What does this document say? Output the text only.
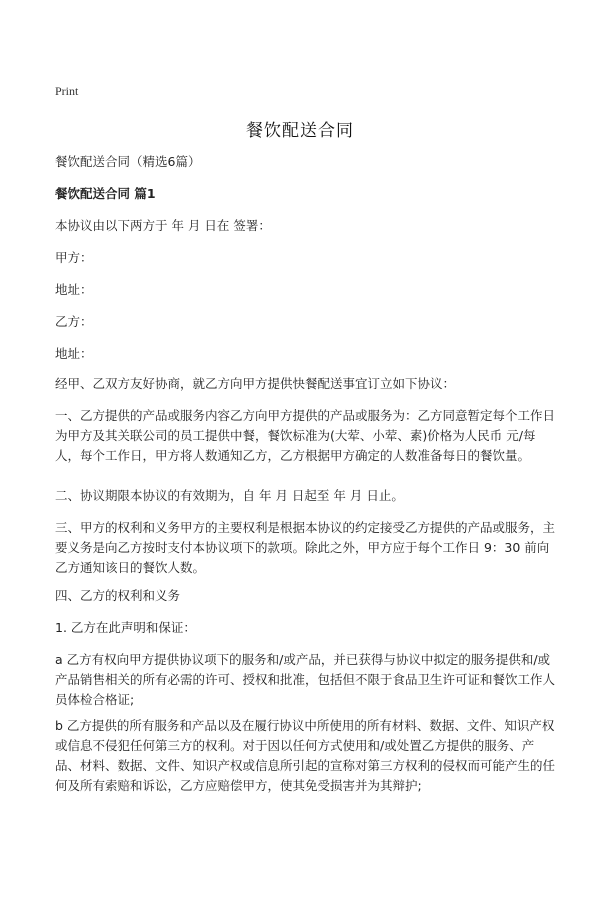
Print
餐饮配送合同
餐饮配送合同（精选6篇）
餐饮配送合同 篇1
本协议由以下两方于 年 月 日在 签署：
甲方：
地址：
乙方：
地址：
经甲、乙双方友好协商，就乙方向甲方提供快餐配送事宜订立如下协议：
一、乙方提供的产品或服务内容乙方向甲方提供的产品或服务为：乙方同意暂定每个工作日为甲方及其关联公司的员工提供中餐，餐饮标准为(大荤、小荤、素)价格为人民币 元/每人，每个工作日，甲方将人数通知乙方，乙方根据甲方确定的人数准备每日的餐饮量。
二、协议期限本协议的有效期为，自 年 月 日起至 年 月 日止。
三、甲方的权利和义务甲方的主要权利是根据本协议的约定接受乙方提供的产品或服务，主要义务是向乙方按时支付本协议项下的款项。除此之外，甲方应于每个工作日 9：30 前向乙方通知该日的餐饮人数。
四、乙方的权利和义务
1. 乙方在此声明和保证：
a 乙方有权向甲方提供协议项下的服务和/或产品，并已获得与协议中拟定的服务提供和/或产品销售相关的所有必需的许可、授权和批准，包括但不限于食品卫生许可证和餐饮工作人员体检合格证;
b 乙方提供的所有服务和产品以及在履行协议中所使用的所有材料、数据、文件、知识产权或信息不侵犯任何第三方的权利。对于因以任何方式使用和/或处置乙方提供的服务、产品、材料、数据、文件、知识产权或信息所引起的宣称对第三方权利的侵权而可能产生的任何及所有索赔和诉讼，乙方应赔偿甲方，使其免受损害并为其辩护;
